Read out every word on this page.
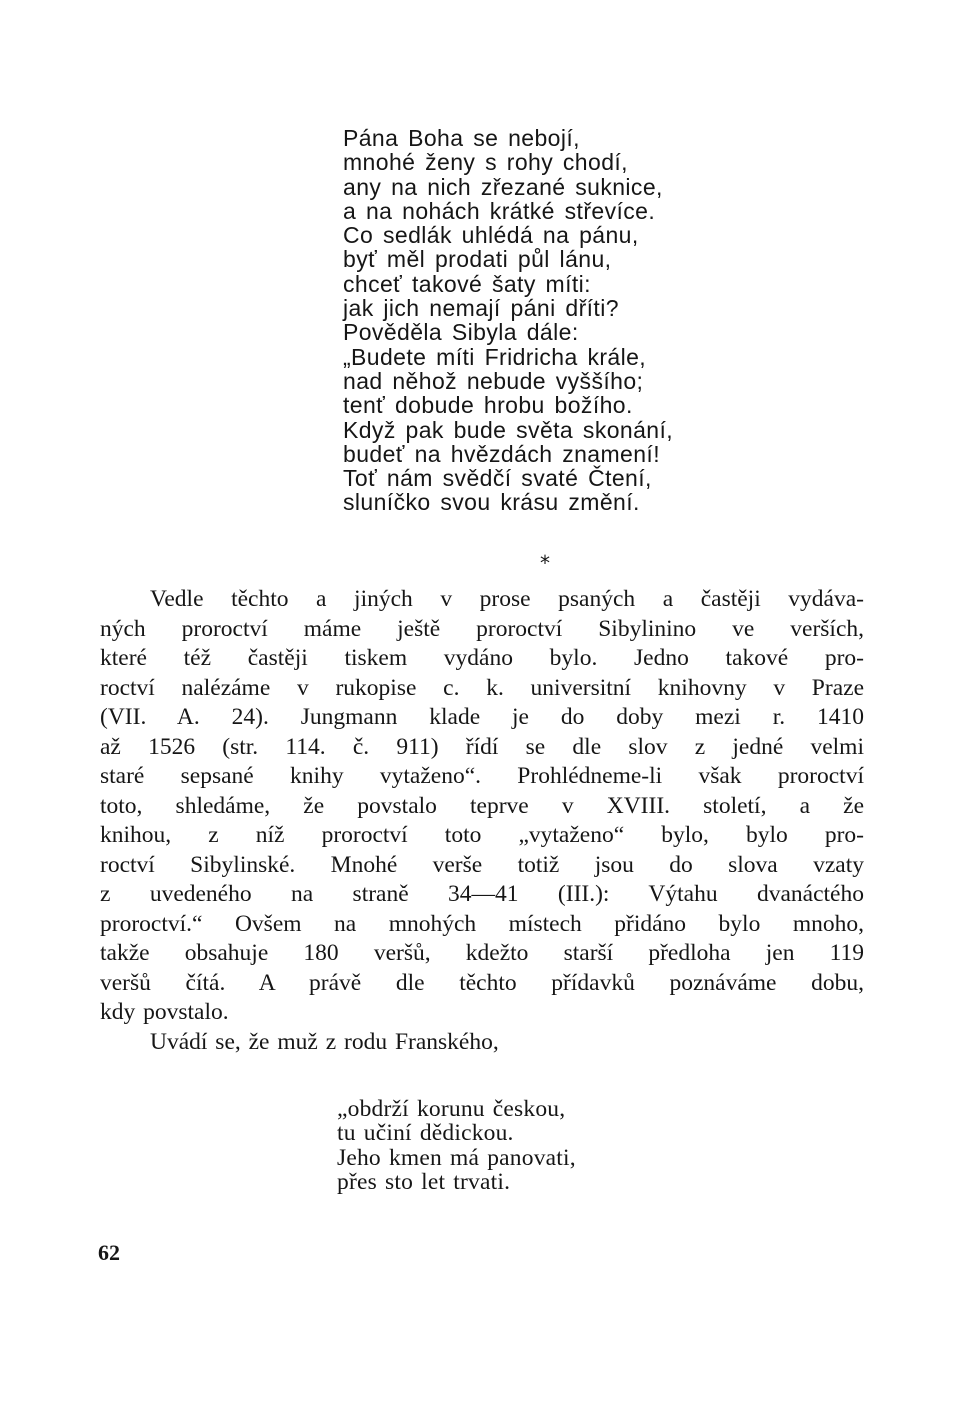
Pána Boha se nebojí,
mnohé ženy s rohy chodí,
any na nich zřezané suknice,
a na nohách krátké střevíce.
Co sedlák uhlédá na pánu,
byť měl prodati půl lánu,
chceť takové šaty míti:
jak jich nemají páni dříti?
Pověděla Sibyla dále:
„Budete míti Fridricha krále,
nad něhož nebude vyššího;
tenť dobude hrobu božího.
Když pak bude světa skonání,
budeť na hvězdách znamení!
Toť nám svědčí svaté Čtení,
sluníčko svou krásu změní.
*
Vedle těchto a jiných v prose psaných a častěji vydáva-
ných proroctví máme ještě proroctví Sibylinino ve verších,
které též častěji tiskem vydáno bylo. Jedno takové pro-
roctví nalézáme v rukopise c. k. universitní knihovny v Praze
(VII. A. 24). Jungmann klade je do doby mezi r. 1410
až 1526 (str. 114. č. 911) řídí se dle slov z jedné velmi
staré sepsané knihy vytaženo“. Prohlédneme-li však proroctví
toto, shledáme, že povstalo teprve v XVIII. století, a že
knihou, z níž proroctví toto „vytaženo“ bylo, bylo pro-
roctví Sibylinské. Mnohé verše totiž jsou do slova vzaty
z uvedeného na straně 34—41 (III.): Výtahu dvanáctého
proroctví.“ Ovšem na mnohých místech přidáno bylo mnoho,
takže obsahuje 180 veršů, kdežto starší předloha jen 119
veršů čítá. A právě dle těchto přídavků poznáváme dobu,
kdy povstalo.
Uvádí se, že muž z rodu Franského,
„obdrží korunu českou,
tu učiní dědickou.
Jeho kmen má panovati,
přes sto let trvati.
62
